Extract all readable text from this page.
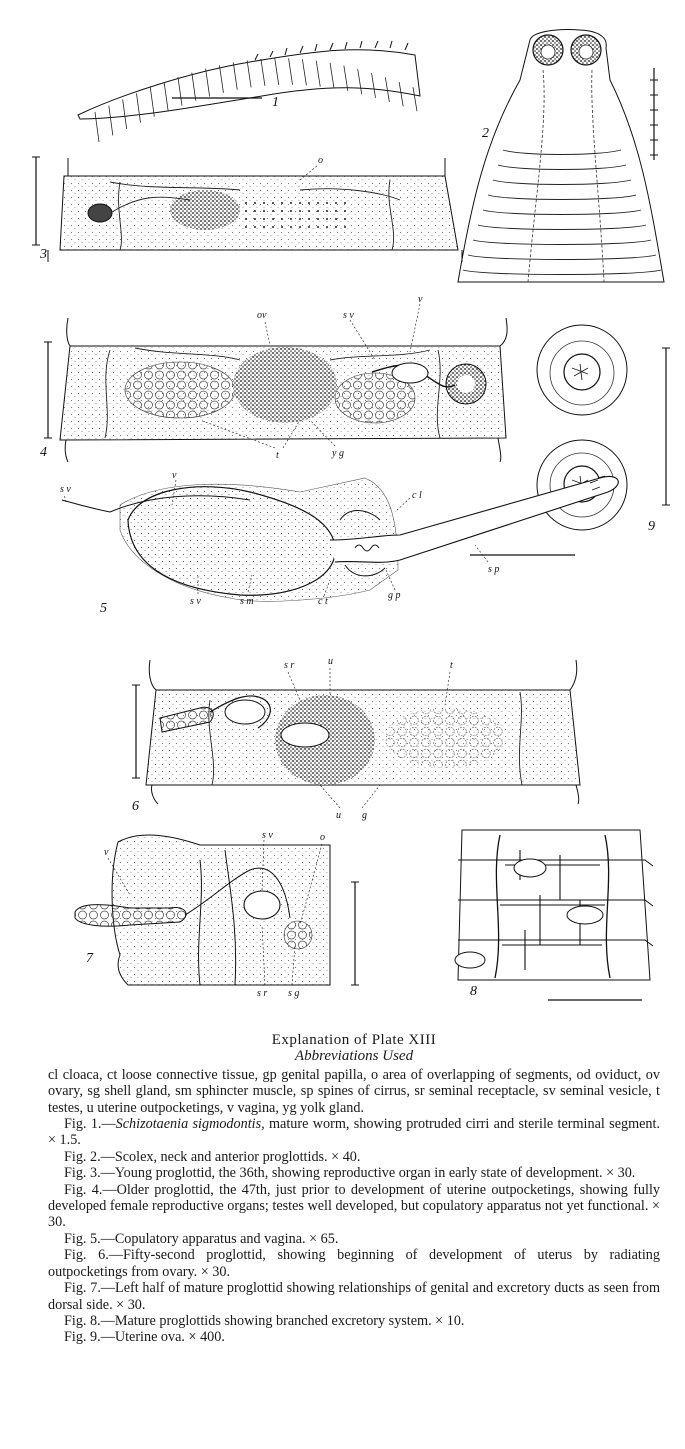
1
2
o
3
ov	s v
v
t	y g
4
9
s v
v
c l
s p
s v	s m	c t
g p
5
s r	u	t
u g
6
s v	o
v
s r s g
7
8

Explanation of Plate XIII

Abbreviations Used

cl cloaca, ct loose connective tissue, gp genital papilla, o area of overlapping of segments, od oviduct, ov ovary, sg shell gland, sm sphincter muscle, sp spines of cirrus, sr seminal receptacle, sv seminal vesicle, t testes, u uterine outpocketings, v vagina, yg yolk gland.

Fig. 1.—Schizotaenia sigmodontis, mature worm, showing protruded cirri and sterile terminal segment. × 1.5.

Fig. 2.—Scolex, neck and anterior proglottids. × 40.

Fig. 3.—Young proglottid, the 36th, showing reproductive organ in early state of development. × 30.

Fig. 4.—Older proglottid, the 47th, just prior to development of uterine outpocketings, showing fully developed female reproductive organs; testes well developed, but copulatory apparatus not yet functional. × 30.

Fig. 5.—Copulatory apparatus and vagina. × 65.

Fig. 6.—Fifty-second proglottid, showing beginning of development of uterus by radiating outpocketings from ovary. × 30.

Fig. 7.—Left half of mature proglottid showing relationships of genital and excretory ducts as seen from dorsal side. × 30.

Fig. 8.—Mature proglottids showing branched excretory system. × 10.

Fig. 9.—Uterine ova. × 400.
